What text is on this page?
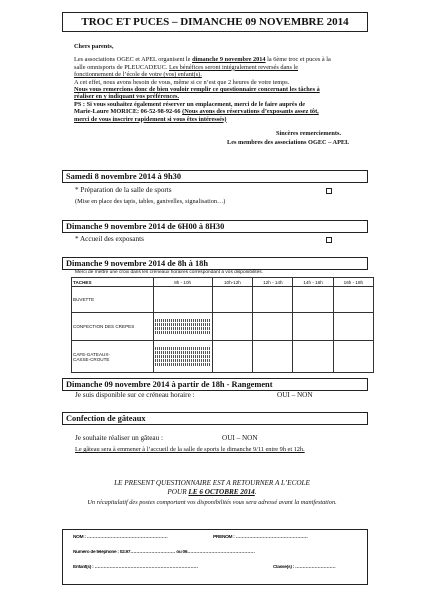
TROC ET PUCES – DIMANCHE 09 NOVEMBRE 2014
Chers parents,
Les associations OGEC et APEL organisent le dimanche 9 novembre 2014 la 6ème troc et puces à la
salle omnisports de PLEUCADEUC. Les bénéfices seront intégralement reversés dans le
fonctionnement de l’école de votre (vos) enfant(s).
A cet effet, nous avons besoin de vous, même si ce n’est que 2 heures de votre temps.
Nous vous remercions donc de bien vouloir remplir ce questionnaire concernant les tâches à
réaliser en y indiquant vos préférences.
PS : Si vous souhaitez également réserver un emplacement, merci de le faire auprès de
Marie-Laure MORICE: 06-52-98-92-66 (Nous avons des réservations d’exposants assez tôt,
merci de vous inscrire rapidement si vous êtes intéressés)
Sincères remerciements.
Les membres des associations OGEC – APEL
Samedi 8 novembre 2014 à 9h30
* Préparation de la salle de sports
(Mise en place des tapis, tables, ganivelles, signalisation…)
Dimanche 9 novembre 2014 de 6H00 à 8H30
* Accueil des exposants
Dimanche 9 novembre 2014 de 8h à 18h
Merci de mettre une croix dans les créneaux horaires correspondant à vos disponibilités.
TACHES	8h - 10h	10h-12h	12h - 14h	14h - 16h	16h - 18h
BUVETTE					
CONFECTION DES CREPES	

CAFE-GATEAUX-
CASSE-CROUTE	

Dimanche 09 novembre 2014 à partir de 18h - Rangement
Je suis disponible sur ce créneau horaire :	OUI – NON
Confection de gâteaux
Je souhaite réaliser un gâteau :	OUI – NON
Le gâteau sera à emmener à l’accueil de la salle de sports le dimanche 9/11 entre 9h et 12h.
LE PRESENT QUESTIONNAIRE EST A RETOURNER A L’ECOLE
POUR LE 6 OCTOBRE 2014.
Un récapitulatif des postes comportant vos disponibilités vous sera adressé avant la manifestation.
NOM : ………………………………………………	PRENOM : …………………………………………
Numéro de téléphone : 02.97………………………… ou 06………………………………………
Enfant(s) : ……………………………………………………………	Classe(s) : ………………………
